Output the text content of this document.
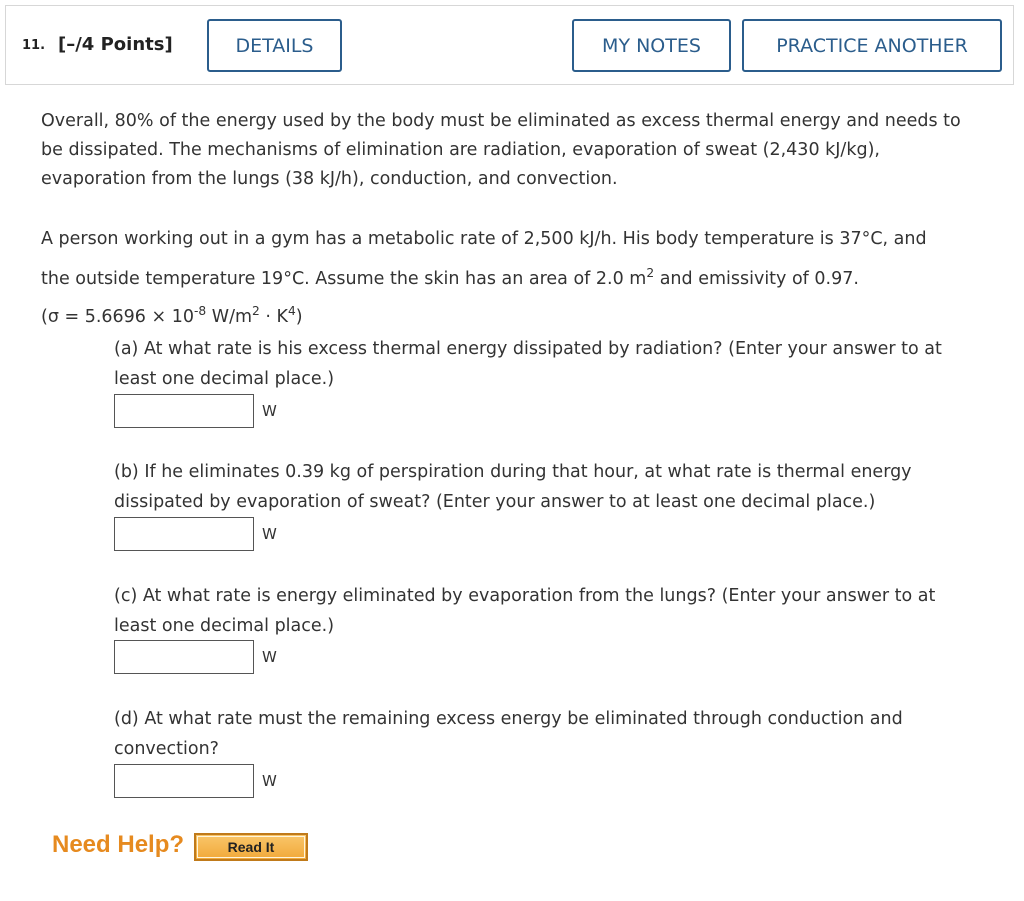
11. [–/4 Points]	DETAILS	MY NOTES	PRACTICE ANOTHER
Overall, 80% of the energy used by the body must be eliminated as excess thermal energy and needs to
be dissipated. The mechanisms of elimination are radiation, evaporation of sweat (2,430 kJ/kg),
evaporation from the lungs (38 kJ/h), conduction, and convection.
A person working out in a gym has a metabolic rate of 2,500 kJ/h. His body temperature is 37°C, and
the outside temperature 19°C. Assume the skin has an area of 2.0 $m^2$ and emissivity of 0.97.
($\sigma = 5.6696 \times 10^{-8}$ $W/m^2 \cdot K^4$)
(a) At what rate is his excess thermal energy dissipated by radiation? (Enter your answer to at
least one decimal place.)
W
(b) If he eliminates 0.39 kg of perspiration during that hour, at what rate is thermal energy
dissipated by evaporation of sweat? (Enter your answer to at least one decimal place.)
W
(c) At what rate is energy eliminated by evaporation from the lungs? (Enter your answer to at
least one decimal place.)
W
(d) At what rate must the remaining excess energy be eliminated through conduction and
convection?
W
Need Help?	Read It
